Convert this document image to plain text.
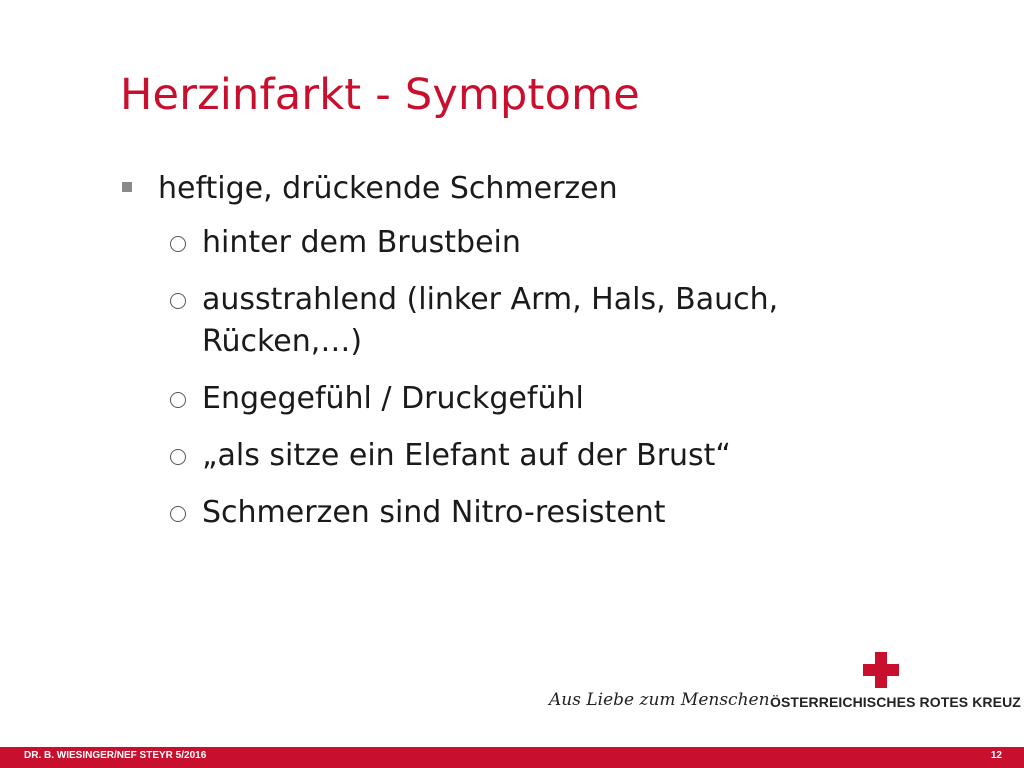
Herzinfarkt - Symptome
heftige, drückende Schmerzen
hinter dem Brustbein
ausstrahlend (linker Arm, Hals, Bauch, Rücken,…)
Engegefühl / Druckgefühl
„als sitze ein Elefant auf der Brust“
Schmerzen sind Nitro-resistent
Aus Liebe zum Menschen.
ÖSTERREICHISCHES ROTES KREUZ
DR. B. WIESINGER/NEF STEYR 5/2016	12
